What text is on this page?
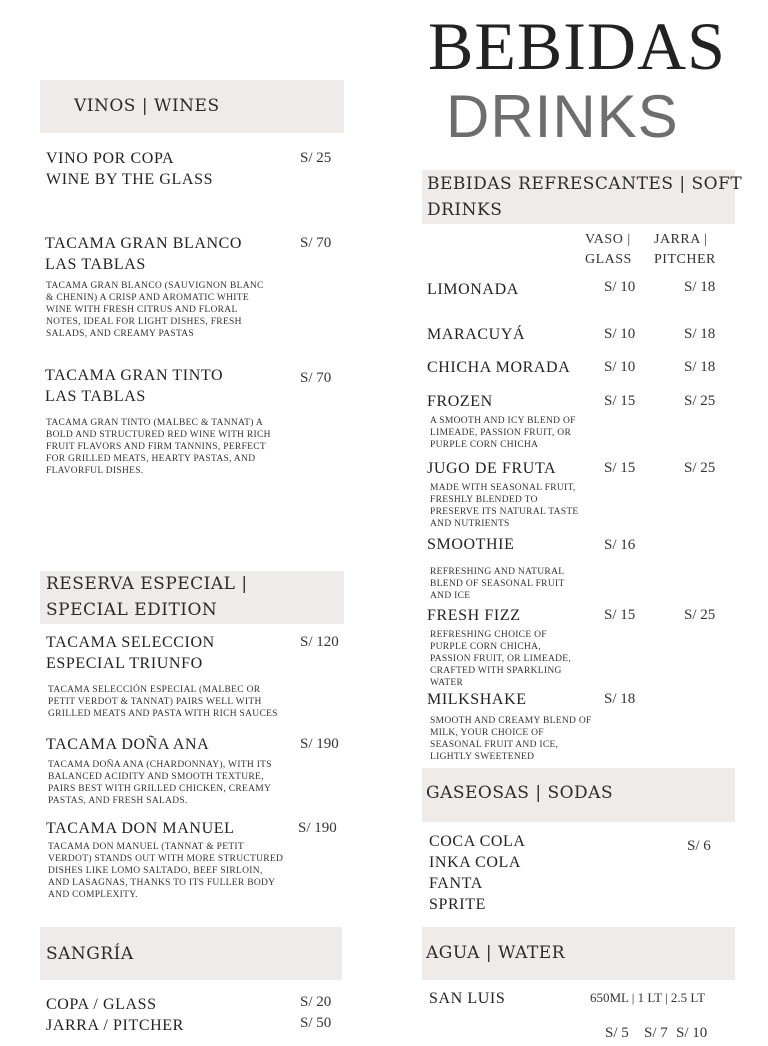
BEBIDAS
DRINKS
VINOS | WINES
VINO POR COPA
WINE BY THE GLASS
S/ 25
TACAMA GRAN BLANCO
LAS TABLAS
S/ 70
TACAMA GRAN BLANCO (SAUVIGNON BLANC & CHENIN) A CRISP AND AROMATIC WHITE WINE WITH FRESH CITRUS AND FLORAL NOTES, IDEAL FOR LIGHT DISHES, FRESH SALADS, AND CREAMY PASTAS
TACAMA GRAN TINTO
LAS TABLAS
S/ 70
TACAMA GRAN TINTO (MALBEC & TANNAT) A BOLD AND STRUCTURED RED WINE WITH RICH FRUIT FLAVORS AND FIRM TANNINS, PERFECT FOR GRILLED MEATS, HEARTY PASTAS, AND FLAVORFUL DISHES.
RESERVA ESPECIAL |
SPECIAL EDITION
TACAMA SELECCION
ESPECIAL TRIUNFO
S/ 120
TACAMA SELECCIÓN ESPECIAL (MALBEC OR PETIT VERDOT & TANNAT) PAIRS WELL WITH GRILLED MEATS AND PASTA WITH RICH SAUCES
TACAMA DOÑA ANA	S/ 190
TACAMA DOÑA ANA (CHARDONNAY), WITH ITS BALANCED ACIDITY AND SMOOTH TEXTURE, PAIRS BEST WITH GRILLED CHICKEN, CREAMY PASTAS, AND FRESH SALADS.
TACAMA DON MANUEL	S/ 190
TACAMA DON MANUEL (TANNAT & PETIT VERDOT) STANDS OUT WITH MORE STRUCTURED DISHES LIKE LOMO SALTADO, BEEF SIRLOIN, AND LASAGNAS, THANKS TO ITS FULLER BODY AND COMPLEXITY.
SANGRÍA
COPA / GLASS	S/ 20
JARRA / PITCHER	S/ 50
BEBIDAS REFRESCANTES | SOFT
DRINKS
VASO |
GLASS
JARRA |
PITCHER
LIMONADA	S/ 10	S/ 18
MARACUYÁ	S/ 10	S/ 18
CHICHA MORADA S/ 10	S/ 18
FROZEN	S/ 15	S/ 25
A SMOOTH AND ICY BLEND OF LIMEADE, PASSION FRUIT, OR PURPLE CORN CHICHA
JUGO DE FRUTA	S/ 15	S/ 25
MADE WITH SEASONAL FRUIT, FRESHLY BLENDED TO PRESERVE ITS NATURAL TASTE AND NUTRIENTS
SMOOTHIE	S/ 16
REFRESHING AND NATURAL BLEND OF SEASONAL FRUIT AND ICE
FRESH FIZZ	S/ 15	S/ 25
REFRESHING CHOICE OF PURPLE CORN CHICHA, PASSION FRUIT, OR LIMEADE, CRAFTED WITH SPARKLING WATER
MILKSHAKE	S/ 18
SMOOTH AND CREAMY BLEND OF MILK, YOUR CHOICE OF SEASONAL FRUIT AND ICE, LIGHTLY SWEETENED
GASEOSAS | SODAS
COCA COLA
INKA COLA
FANTA
SPRITE
S/ 6
AGUA | WATER
SAN LUIS	650ML | 1 LT | 2.5 LT
S/ 5 S/ 7 S/ 10
